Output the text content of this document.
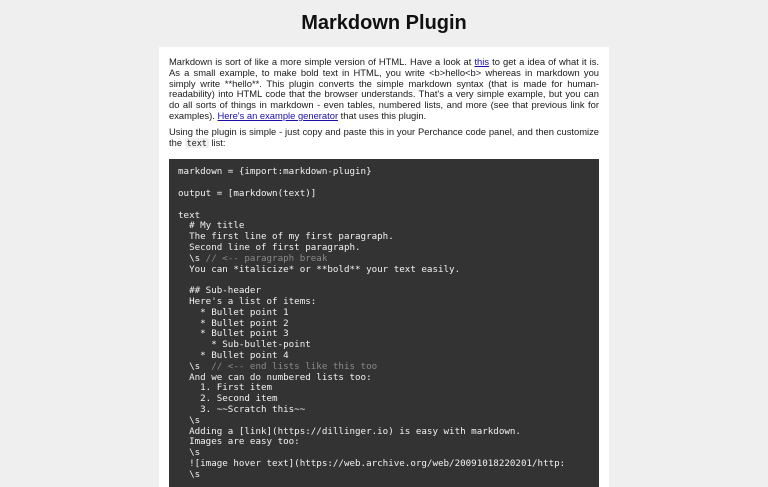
Markdown Plugin

Markdown is sort of like a more simple version of HTML. Have a look at this to get a idea of what it is. As a small example, to make bold text in HTML, you write <b>hello<b> whereas in markdown you simply write **hello**. This plugin converts the simple markdown syntax (that is made for human-readability) into HTML code that the browser understands. That's a very simple example, but you can do all sorts of things in markdown - even tables, numbered lists, and more (see that previous link for examples). Here's an example generator that uses this plugin.

Using the plugin is simple - just copy and paste this in your Perchance code panel, and then customize the text list:

markdown = {import:markdown-plugin}
output = [markdown(text)]
text
# My title
The first line of my first paragraph.
Second line of first paragraph.
\s // <-- paragraph break
You can *italicize* or **bold** your text easily.
## Sub-header
Here's a list of items:
* Bullet point 1
* Bullet point 2
* Bullet point 3
* Sub-bullet-point
* Bullet point 4
\s  // <-- end lists like this too
And we can do numbered lists too:
1. First item
2. Second item
3. ~~Scratch this~~
\s
Adding a [link](https://dillinger.io) is easy with markdown.
Images are easy too:
\s
![image hover text](https://web.archive.org/web/20091018220201/http:
\s
